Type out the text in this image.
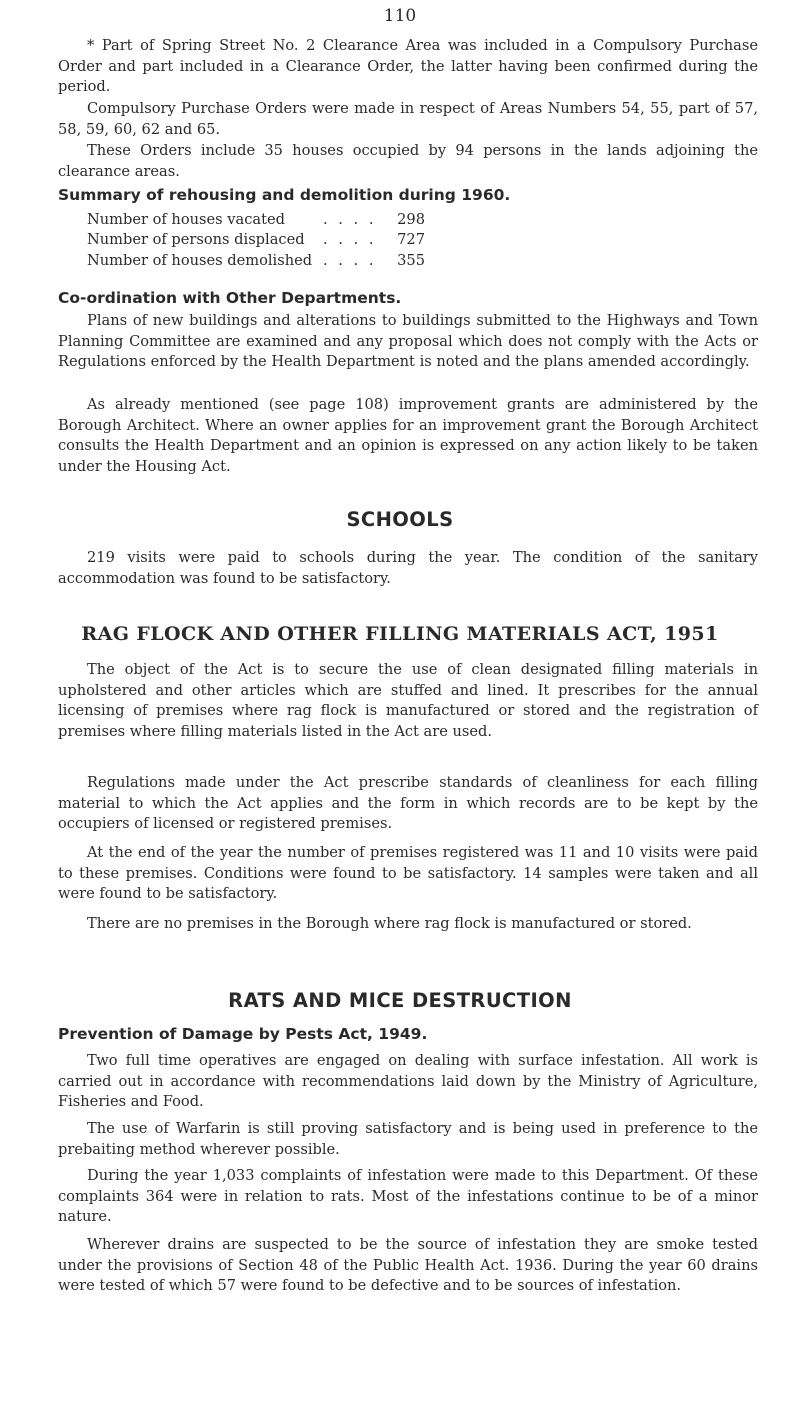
110

* Part of Spring Street No. 2 Clearance Area was included in a Compulsory Purchase Order and part included in a Clearance Order, the latter having been confirmed during the period.

Compulsory Purchase Orders were made in respect of Areas Numbers 54, 55, part of 57, 58, 59, 60, 62 and 65.

These Orders include 35 houses occupied by 94 persons in the lands adjoining the clearance areas.

Summary of rehousing and demolition during 1960.
Number of houses vacated	. . . .	298
Number of persons displaced	. . . .	727
Number of houses demolished . . . .	355
Co-ordination with Other Departments.

Plans of new buildings and alterations to buildings submitted to the Highways and Town Planning Committee are examined and any proposal which does not comply with the Acts or Regulations enforced by the Health Department is noted and the plans amended accordingly.

As already mentioned (see page 108) improvement grants are administered by the Borough Architect. Where an owner applies for an improvement grant the Borough Architect consults the Health Department and an opinion is expressed on any action likely to be taken under the Housing Act.

SCHOOLS

219 visits were paid to schools during the year. The condition of the sanitary accommodation was found to be satisfactory.

RAG FLOCK AND OTHER FILLING MATERIALS ACT, 1951

The object of the Act is to secure the use of clean designated filling materials in upholstered and other articles which are stuffed and lined. It prescribes for the annual licensing of premises where rag flock is manufactured or stored and the registration of premises where filling materials listed in the Act are used.

Regulations made under the Act prescribe standards of cleanliness for each filling material to which the Act applies and the form in which records are to be kept by the occupiers of licensed or registered premises.

At the end of the year the number of premises registered was 11 and 10 visits were paid to these premises. Conditions were found to be satisfactory. 14 samples were taken and all were found to be satisfactory.

There are no premises in the Borough where rag flock is manufactured or stored.

RATS AND MICE DESTRUCTION
Prevention of Damage by Pests Act, 1949.

Two full time operatives are engaged on dealing with surface infestation. All work is carried out in accordance with recommendations laid down by the Ministry of Agriculture, Fisheries and Food.

The use of Warfarin is still proving satisfactory and is being used in preference to the prebaiting method wherever possible.

During the year 1,033 complaints of infestation were made to this Department. Of these complaints 364 were in relation to rats. Most of the infestations continue to be of a minor nature.

Wherever drains are suspected to be the source of infestation they are smoke tested under the provisions of Section 48 of the Public Health Act. 1936. During the year 60 drains were tested of which 57 were found to be defective and to be sources of infestation.
